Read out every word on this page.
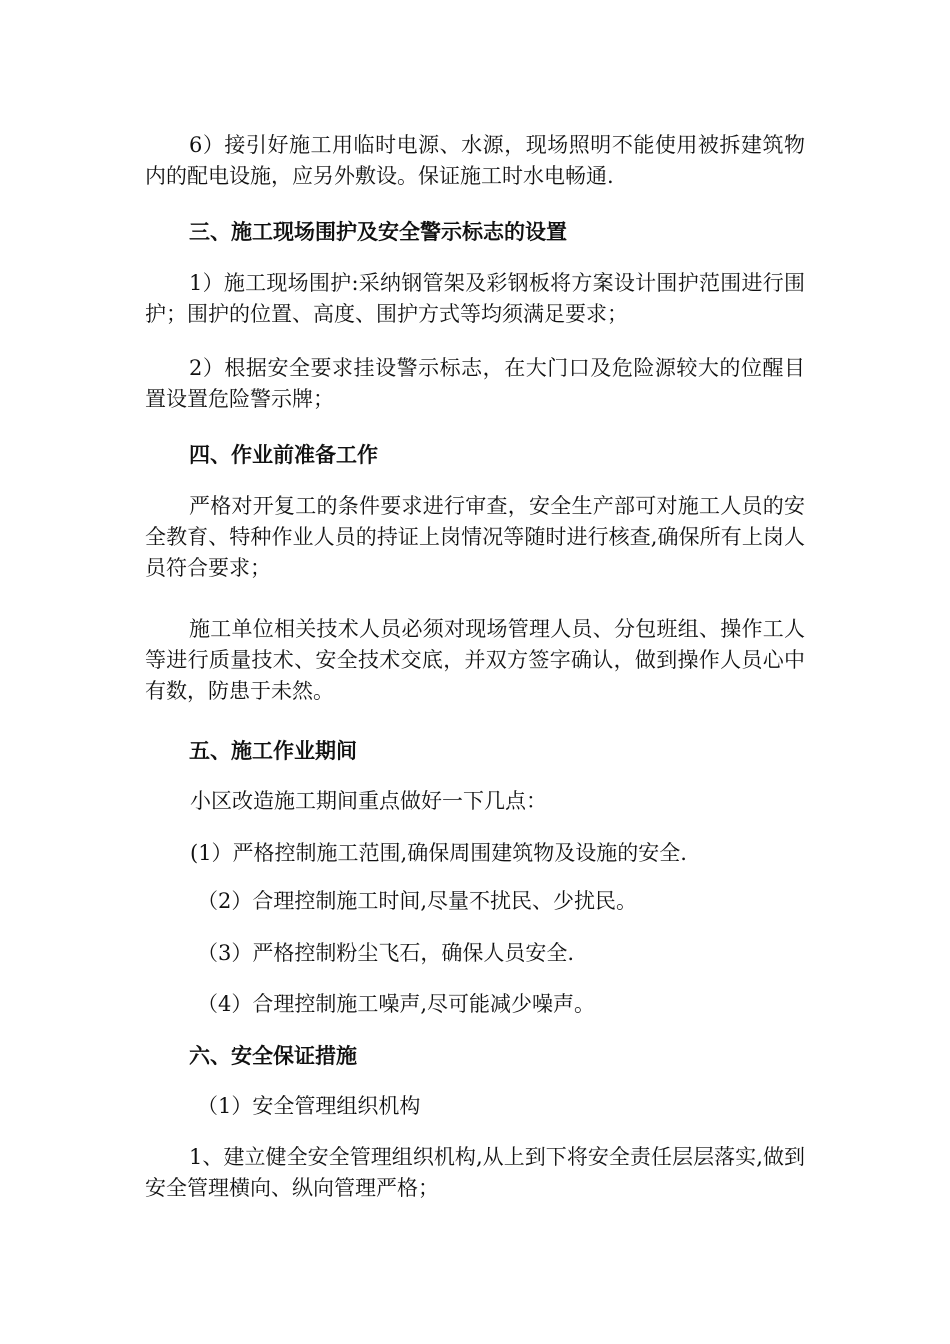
6）接引好施工用临时电源、水源，现场照明不能使用被拆建筑物内的配电设施，应另外敷设。保证施工时水电畅通.

三、施工现场围护及安全警示标志的设置

1）施工现场围护:采纳钢管架及彩钢板将方案设计围护范围进行围护；围护的位置、高度、围护方式等均须满足要求；

2）根据安全要求挂设警示标志，在大门口及危险源较大的位醒目置设置危险警示牌；

四、作业前准备工作

严格对开复工的条件要求进行审查，安全生产部可对施工人员的安全教育、特种作业人员的持证上岗情况等随时进行核查,确保所有上岗人员符合要求；

施工单位相关技术人员必须对现场管理人员、分包班组、操作工人等进行质量技术、安全技术交底，并双方签字确认，做到操作人员心中有数，防患于未然。

五、施工作业期间

小区改造施工期间重点做好一下几点：

(1）严格控制施工范围,确保周围建筑物及设施的安全.

（2）合理控制施工时间,尽量不扰民、少扰民。

（3）严格控制粉尘飞石，确保人员安全.

（4）合理控制施工噪声,尽可能减少噪声。

六、安全保证措施

（1）安全管理组织机构

1、建立健全安全管理组织机构,从上到下将安全责任层层落实,做到安全管理横向、纵向管理严格；
